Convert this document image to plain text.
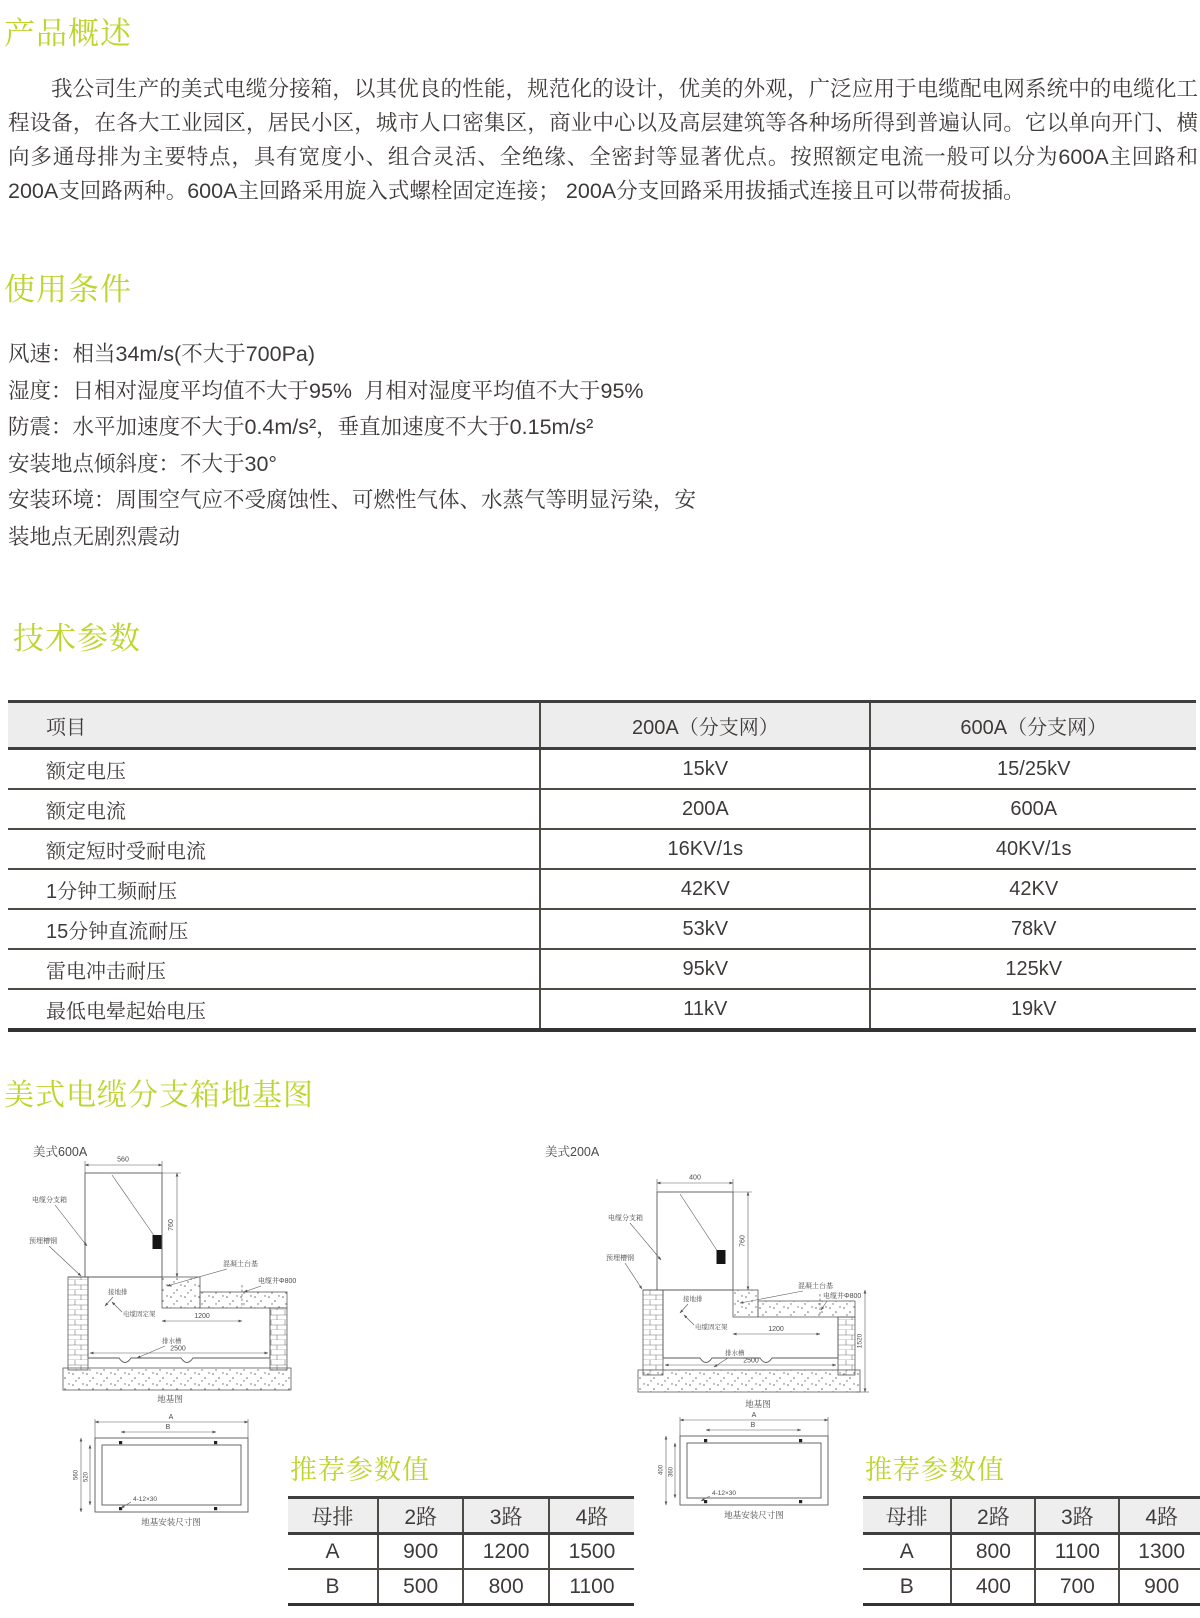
产品概述
我公司生产的美式电缆分接箱，以其优良的性能，规范化的设计，优美的外观，广泛应用于电缆配电网系统中的电缆化工程设备，在各大工业园区，居民小区，城市人口密集区，商业中心以及高层建筑等各种场所得到普遍认同。它以单向开门、横向多通母排为主要特点，具有宽度小、组合灵活、全绝缘、全密封等显著优点。按照额定电流一般可以分为600A主回路和200A支回路两种。600A主回路采用旋入式螺栓固定连接； 200A分支回路采用拔插式连接且可以带荷拔插。
使用条件
风速：相当34m/s(不大于700Pa)
湿度：日相对湿度平均值不大于95%  月相对湿度平均值不大于95%
防震：水平加速度不大于0.4m/s²，垂直加速度不大于0.15m/s²
安装地点倾斜度：不大于30°
安装环境：周围空气应不受腐蚀性、可燃性气体、水蒸气等明显污染，安
装地点无剧烈震动
技术参数
项目	200A（分支网）	600A（分支网）
额定电压	15kV	15/25kV
额定电流	200A	600A
额定短时受耐电流	16KV/1s	40KV/1s
1分钟工频耐压	42KV	42KV
15分钟直流耐压	53kV	78kV
雷电冲击耐压	95kV	125kV
最低电晕起始电压	11kV	19kV
美式电缆分支箱地基图
美式600A
560
760
电缆分支箱
预埋槽钢
混凝土台基
电缆井Φ800
接地排
电缆固定架	1200
排水槽
2500
地基图
A
B
560 520
4-12×30
地基安装尺寸图
美式200A
400
760
电缆分支箱
预埋槽钢
混凝土台基
电缆井Φ800
接地排
电缆固定架	1200
排水槽
2500
1520
地基图
A
B
400 360
4-12×30
地基安装尺寸图
推荐参数值
母排	2路	3路	4路
A	900	1200	1500
B	500	800	1100
推荐参数值
母排	2路	3路	4路
A	800	1100	1300
B	400	700	900
